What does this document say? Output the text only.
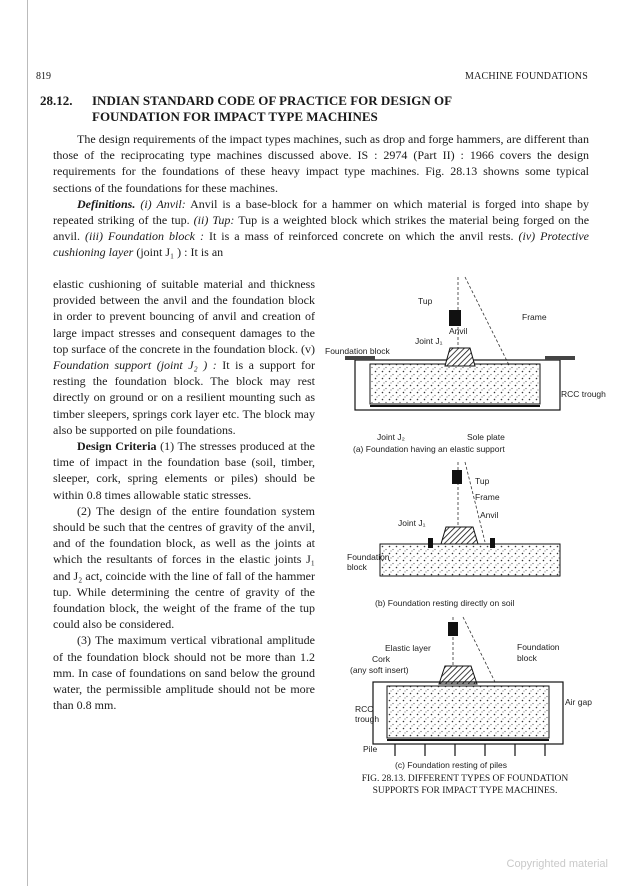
819	MACHINE FOUNDATIONS
28.12. INDIAN STANDARD CODE OF PRACTICE FOR DESIGN OF
FOUNDATION FOR IMPACT TYPE MACHINES

The design requirements of the impact types machines, such as drop and forge hammers, are different than those of the reciprocating type machines discussed above. IS : 2974 (Part II) : 1966 covers the design requirements for the foundations of these heavy impact type machines. Fig. 28.13 showns some typical sections of the foundations for these machines.

Definitions. (i) Anvil: Anvil is a base-block for a hammer on which material is forged into shape by repeated striking of the tup. (ii) Tup: Tup is a weighted block which strikes the material being forged on the anvil. (iii) Foundation block : It is a mass of reinforced concrete on which the anvil rests. (iv) Protective cushioning layer (joint J₁ ) : It is an

elastic cushioning of suitable material and thickness provided between the anvil and the foundation block in order to prevent bouncing of anvil and creation of large impact stresses and consequent damages to the top surface of the concrete in the foundation block. (v) Foundation support (joint J₂ ) : It is a support for resting the foundation block. The block may rest directly on ground or on a resilient mounting such as timber sleepers, springs cork layer etc. The block may also be supported on pile foundations.

Design Criteria (1) The stresses produced at the time of impact in the foundation base (soil, timber, sleeper, cork, spring elements or piles) should be within 0.8 times allowable static stresses.

(2) The design of the entire foundation system should be such that the centres of gravity of the anvil, and of the foundation block, as well as the joints at which the resultants of forces in the elastic joints J₁ and J₂ act, coincide with the line of fall of the hammer tup. While determining the centre of gravity of the foundation block, the weight of the frame of the tup could also be considered.

(3) The maximum vertical vibrational amplitude of the foundation block should not be more than 1.2 mm. In case of foundations on sand below the ground water, the permissible amplitude should not be more than 0.8 mm.

Tup
Frame
Anvil
Joint J₁
Foundation block
RCC trough
Joint J₂	Sole plate
(a) Foundation having an elastic support
Tup
Frame
Anvil
Joint J₁
Foundation
block
(b) Foundation resting directly on soil
Elastic layer
Cork
(any soft insert)
Foundation
block
RCC
trough
Air gap
Pile
(c) Foundation resting of piles
FIG. 28.13. DIFFERENT TYPES OF FOUNDATION
SUPPORTS FOR IMPACT TYPE MACHINES.
Copyrighted material
